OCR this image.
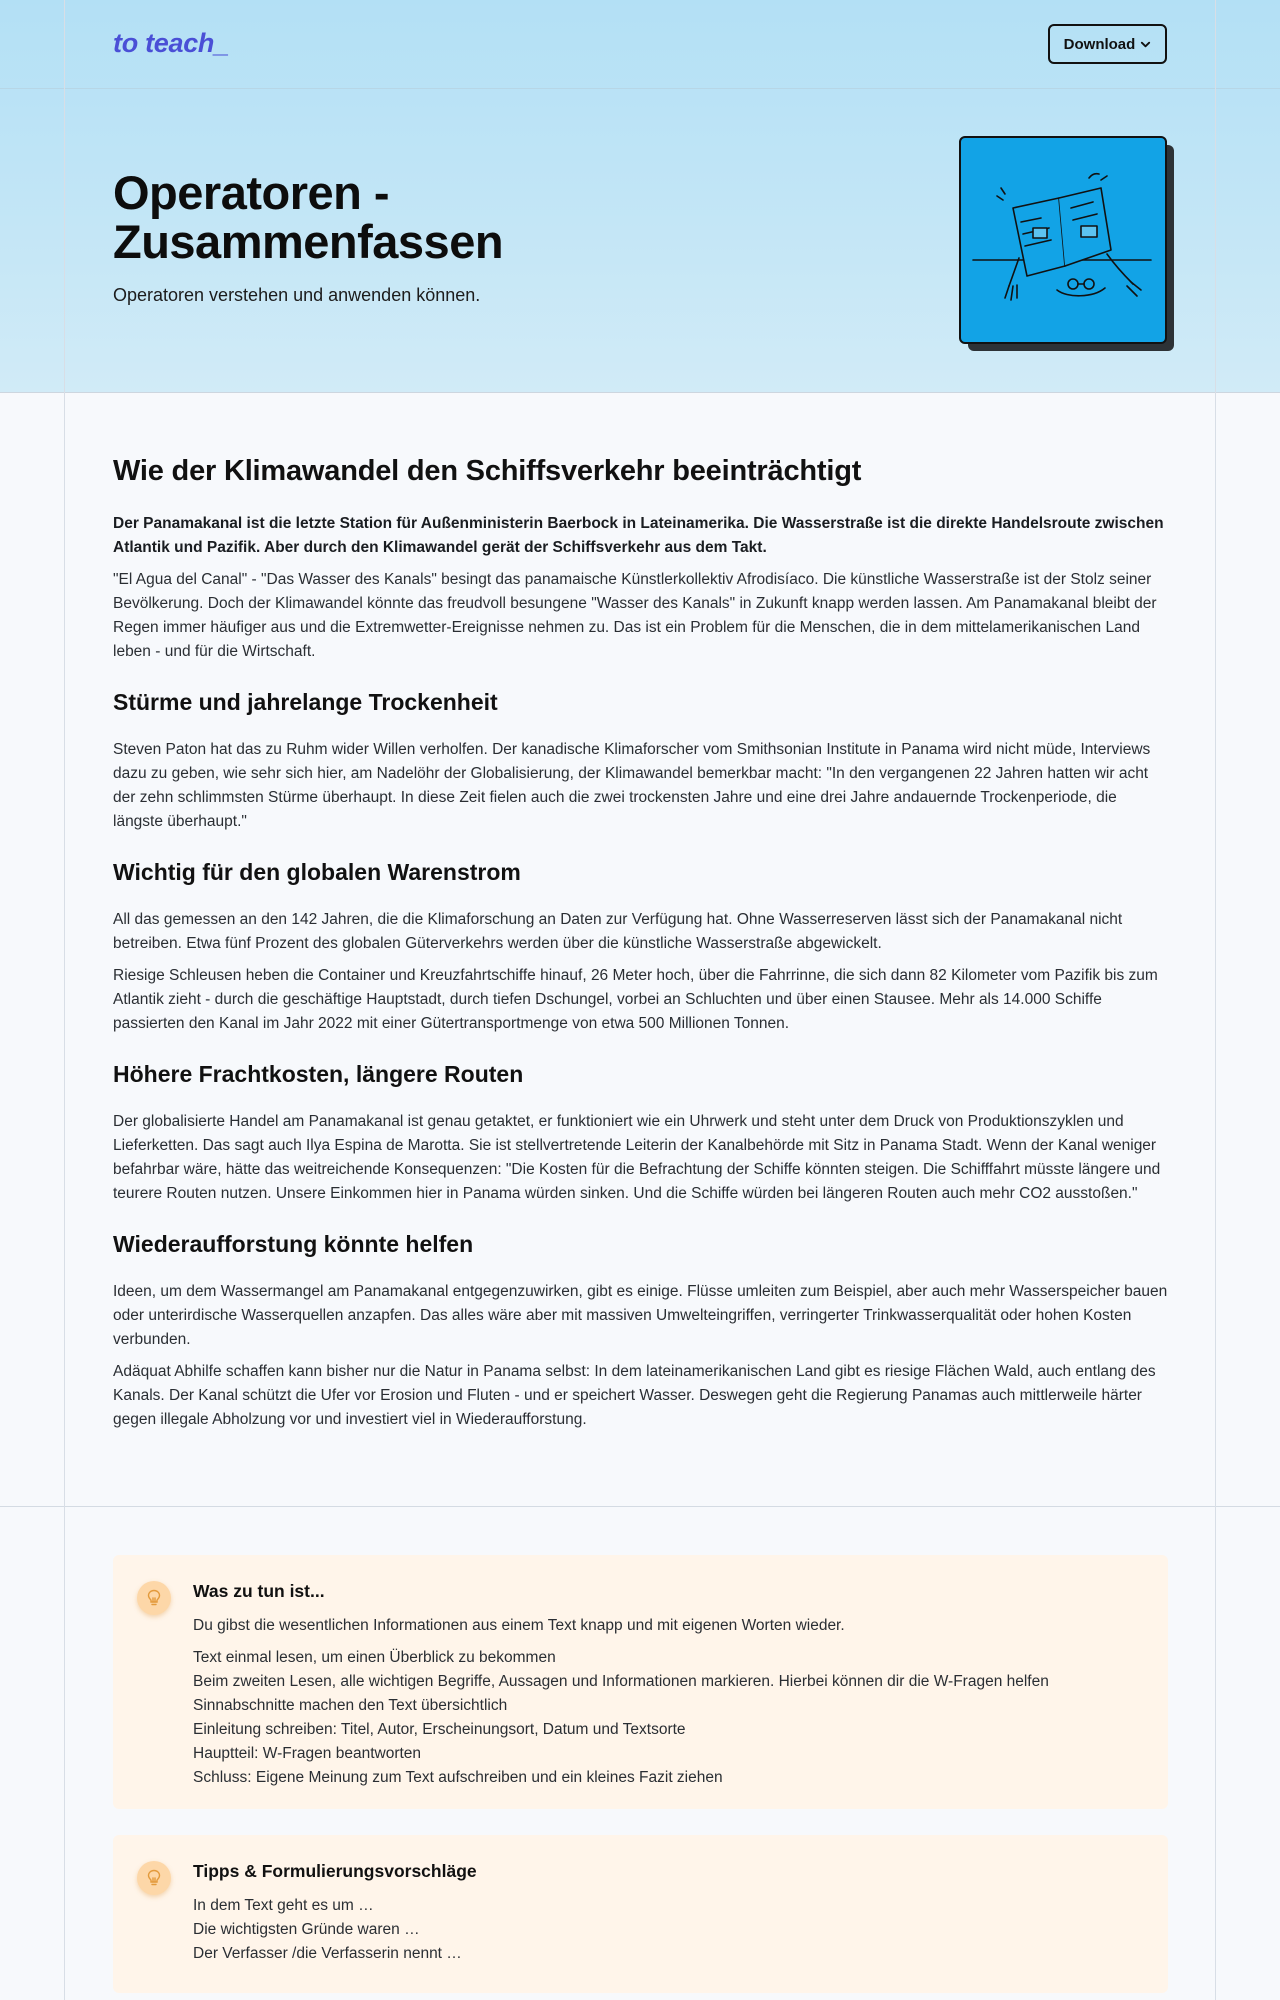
to teach_	Download
Operatoren - Zusammenfassen

Operatoren verstehen und anwenden können.

Wie der Klimawandel den Schiffsverkehr beeinträchtigt

Der Panamakanal ist die letzte Station für Außenministerin Baerbock in Lateinamerika. Die Wasserstraße ist die direkte Handelsroute zwischen Atlantik und Pazifik. Aber durch den Klimawandel gerät der Schiffsverkehr aus dem Takt.

"El Agua del Canal" - "Das Wasser des Kanals" besingt das panamaische Künstlerkollektiv Afrodisíaco. Die künstliche Wasserstraße ist der Stolz seiner Bevölkerung. Doch der Klimawandel könnte das freudvoll besungene "Wasser des Kanals" in Zukunft knapp werden lassen. Am Panamakanal bleibt der Regen immer häufiger aus und die Extremwetter-Ereignisse nehmen zu. Das ist ein Problem für die Menschen, die in dem mittelamerikanischen Land leben - und für die Wirtschaft.

Stürme und jahrelange Trockenheit

Steven Paton hat das zu Ruhm wider Willen verholfen. Der kanadische Klimaforscher vom Smithsonian Institute in Panama wird nicht müde, Interviews dazu zu geben, wie sehr sich hier, am Nadelöhr der Globalisierung, der Klimawandel bemerkbar macht: "In den vergangenen 22 Jahren hatten wir acht der zehn schlimmsten Stürme überhaupt. In diese Zeit fielen auch die zwei trockensten Jahre und eine drei Jahre andauernde Trockenperiode, die längste überhaupt."

Wichtig für den globalen Warenstrom

All das gemessen an den 142 Jahren, die die Klimaforschung an Daten zur Verfügung hat. Ohne Wasserreserven lässt sich der Panamakanal nicht betreiben. Etwa fünf Prozent des globalen Güterverkehrs werden über die künstliche Wasserstraße abgewickelt.

Riesige Schleusen heben die Container und Kreuzfahrtschiffe hinauf, 26 Meter hoch, über die Fahrrinne, die sich dann 82 Kilometer vom Pazifik bis zum Atlantik zieht - durch die geschäftige Hauptstadt, durch tiefen Dschungel, vorbei an Schluchten und über einen Stausee. Mehr als 14.000 Schiffe passierten den Kanal im Jahr 2022 mit einer Gütertransportmenge von etwa 500 Millionen Tonnen.

Höhere Frachtkosten, längere Routen

Der globalisierte Handel am Panamakanal ist genau getaktet, er funktioniert wie ein Uhrwerk und steht unter dem Druck von Produktionszyklen und Lieferketten. Das sagt auch Ilya Espina de Marotta. Sie ist stellvertretende Leiterin der Kanalbehörde mit Sitz in Panama Stadt. Wenn der Kanal weniger befahrbar wäre, hätte das weitreichende Konsequenzen: "Die Kosten für die Befrachtung der Schiffe könnten steigen. Die Schifffahrt müsste längere und teurere Routen nutzen. Unsere Einkommen hier in Panama würden sinken. Und die Schiffe würden bei längeren Routen auch mehr CO2 ausstoßen."

Wiederaufforstung könnte helfen

Ideen, um dem Wassermangel am Panamakanal entgegenzuwirken, gibt es einige. Flüsse umleiten zum Beispiel, aber auch mehr Wasserspeicher bauen oder unterirdische Wasserquellen anzapfen. Das alles wäre aber mit massiven Umwelteingriffen, verringerter Trinkwasserqualität oder hohen Kosten verbunden.

Adäquat Abhilfe schaffen kann bisher nur die Natur in Panama selbst: In dem lateinamerikanischen Land gibt es riesige Flächen Wald, auch entlang des Kanals. Der Kanal schützt die Ufer vor Erosion und Fluten - und er speichert Wasser. Deswegen geht die Regierung Panamas auch mittlerweile härter gegen illegale Abholzung vor und investiert viel in Wiederaufforstung.

Was zu tun ist...
Du gibst die wesentlichen Informationen aus einem Text knapp und mit eigenen Worten wieder.
Text einmal lesen, um einen Überblick zu bekommen
Beim zweiten Lesen, alle wichtigen Begriffe, Aussagen und Informationen markieren. Hierbei können dir die W-Fragen helfen
Sinnabschnitte machen den Text übersichtlich
Einleitung schreiben: Titel, Autor, Erscheinungsort, Datum und Textsorte
Hauptteil: W-Fragen beantworten
Schluss: Eigene Meinung zum Text aufschreiben und ein kleines Fazit ziehen
Tipps & Formulierungsvorschläge
In dem Text geht es um …
Die wichtigsten Gründe waren …
Der Verfasser /die Verfasserin nennt …
